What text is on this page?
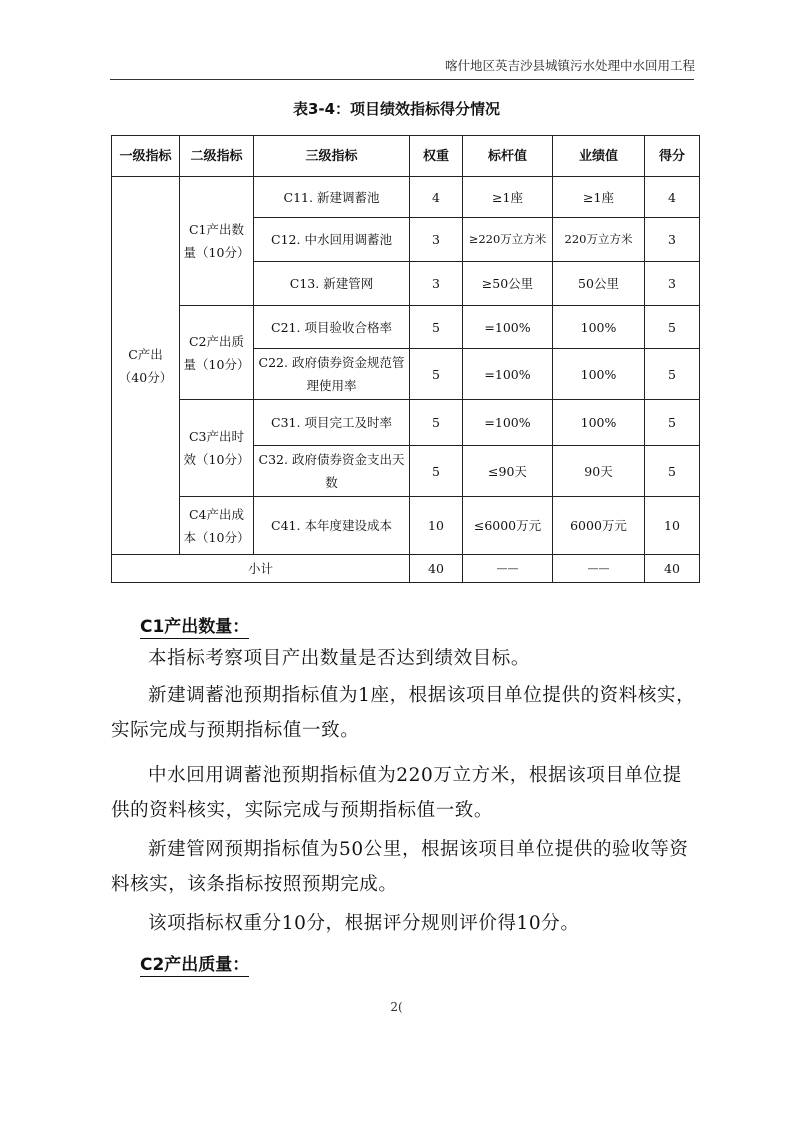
喀什地区英吉沙县城镇污水处理中水回用工程
表3-4：项目绩效指标得分情况
一级指标	二级指标	三级指标	权重	标杆值	业绩值	得分
C产出（40分）	C1产出数量（10分）	C11. 新建调蓄池	4	≥1座	≥1座	4
		C12. 中水回用调蓄池	3	≥220万立方米	220万立方米	3
		C13. 新建管网	3	≥50公里	50公里	3
	C2产出质量（10分）	C21. 项目验收合格率	5	=100%	100%	5
		C22. 政府债券资金规范管理使用率	5	=100%	100%	5
	C3产出时效（10分）	C31. 项目完工及时率	5	=100%	100%	5
		C32. 政府债券资金支出天数	5	≤90天	90天	5
	C4产出成本（10分）	C41. 本年度建设成本	10	≤6000万元	6000万元	10
小计			40	——	——	40
C1产出数量：
本指标考察项目产出数量是否达到绩效目标。
新建调蓄池预期指标值为1座，根据该项目单位提供的资料核实，实际完成与预期指标值一致。
中水回用调蓄池预期指标值为220万立方米，根据该项目单位提供的资料核实，实际完成与预期指标值一致。
新建管网预期指标值为50公里，根据该项目单位提供的验收等资料核实，该条指标按照预期完成。
该项指标权重分10分，根据评分规则评价得10分。
C2产出质量：
2(
